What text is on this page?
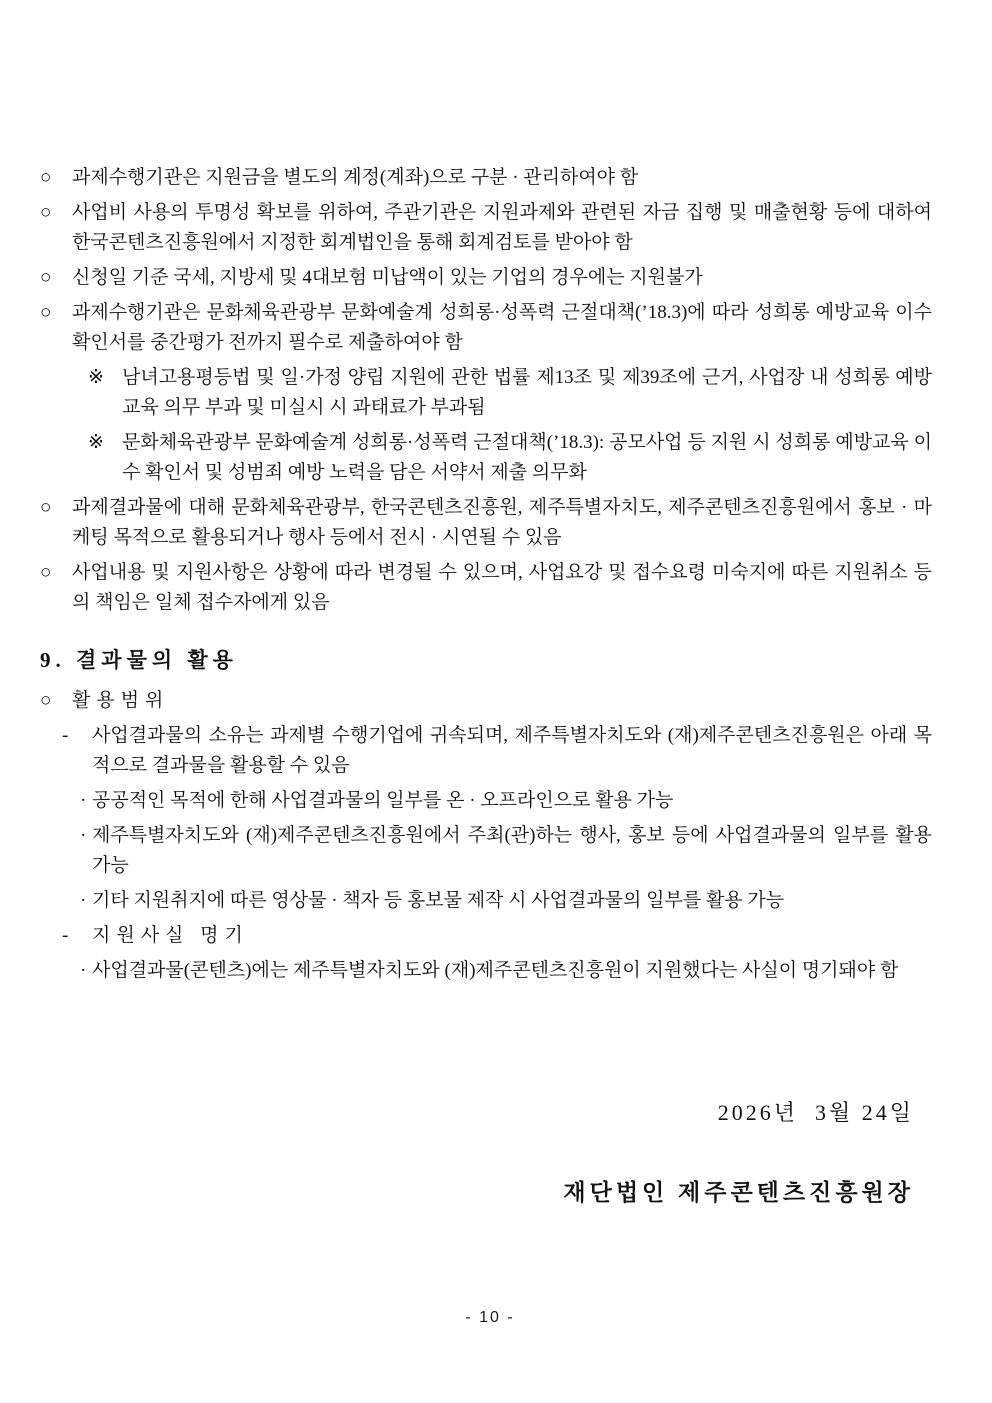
○	과제수행기관은 지원금을 별도의 계정(계좌)으로 구분 · 관리하여야 함
○	사업비 사용의 투명성 확보를 위하여, 주관기관은 지원과제와 관련된 자금 집행 및 매출현황 등에 대하여 한국콘텐츠진흥원에서 지정한 회계법인을 통해 회계검토를 받아야 함
○	신청일 기준 국세, 지방세 및 4대보험 미납액이 있는 기업의 경우에는 지원불가
○	과제수행기관은 문화체육관광부 문화예술계 성희롱·성폭력 근절대책(’18.3)에 따라 성희롱 예방교육 이수 확인서를 중간평가 전까지 필수로 제출하여야 함
※ 남녀고용평등법 및 일·가정 양립 지원에 관한 법률 제13조 및 제39조에 근거, 사업장 내 성희롱 예방 교육 의무 부과 및 미실시 시 과태료가 부과됨
※ 문화체육관광부 문화예술계 성희롱·성폭력 근절대책(’18.3): 공모사업 등 지원 시 성희롱 예방교육 이수 확인서 및 성범죄 예방 노력을 담은 서약서 제출 의무화
○	과제결과물에 대해 문화체육관광부, 한국콘텐츠진흥원, 제주특별자치도, 제주콘텐츠진흥원에서 홍보 · 마케팅 목적으로 활용되거나 행사 등에서 전시 · 시연될 수 있음
○	사업내용 및 지원사항은 상황에 따라 변경될 수 있으며, 사업요강 및 접수요령 미숙지에 따른 지원취소 등의 책임은 일체 접수자에게 있음
9. 결과물의 활용
○	활용범위
-	사업결과물의 소유는 과제별 수행기업에 귀속되며, 제주특별자치도와 (재)제주콘텐츠진흥원은 아래 목적으로 결과물을 활용할 수 있음
· 공공적인 목적에 한해 사업결과물의 일부를 온 · 오프라인으로 활용 가능
· 제주특별자치도와 (재)제주콘텐츠진흥원에서 주최(관)하는 행사, 홍보 등에 사업결과물의 일부를 활용 가능
· 기타 지원취지에 따른 영상물 · 책자 등 홍보물 제작 시 사업결과물의 일부를 활용 가능
-	지원사실 명기
· 사업결과물(콘텐츠)에는 제주특별자치도와 (재)제주콘텐츠진흥원이 지원했다는 사실이 명기돼야 함

2026년  3월 24일

재단법인 제주콘텐츠진흥원장

- 10 -
